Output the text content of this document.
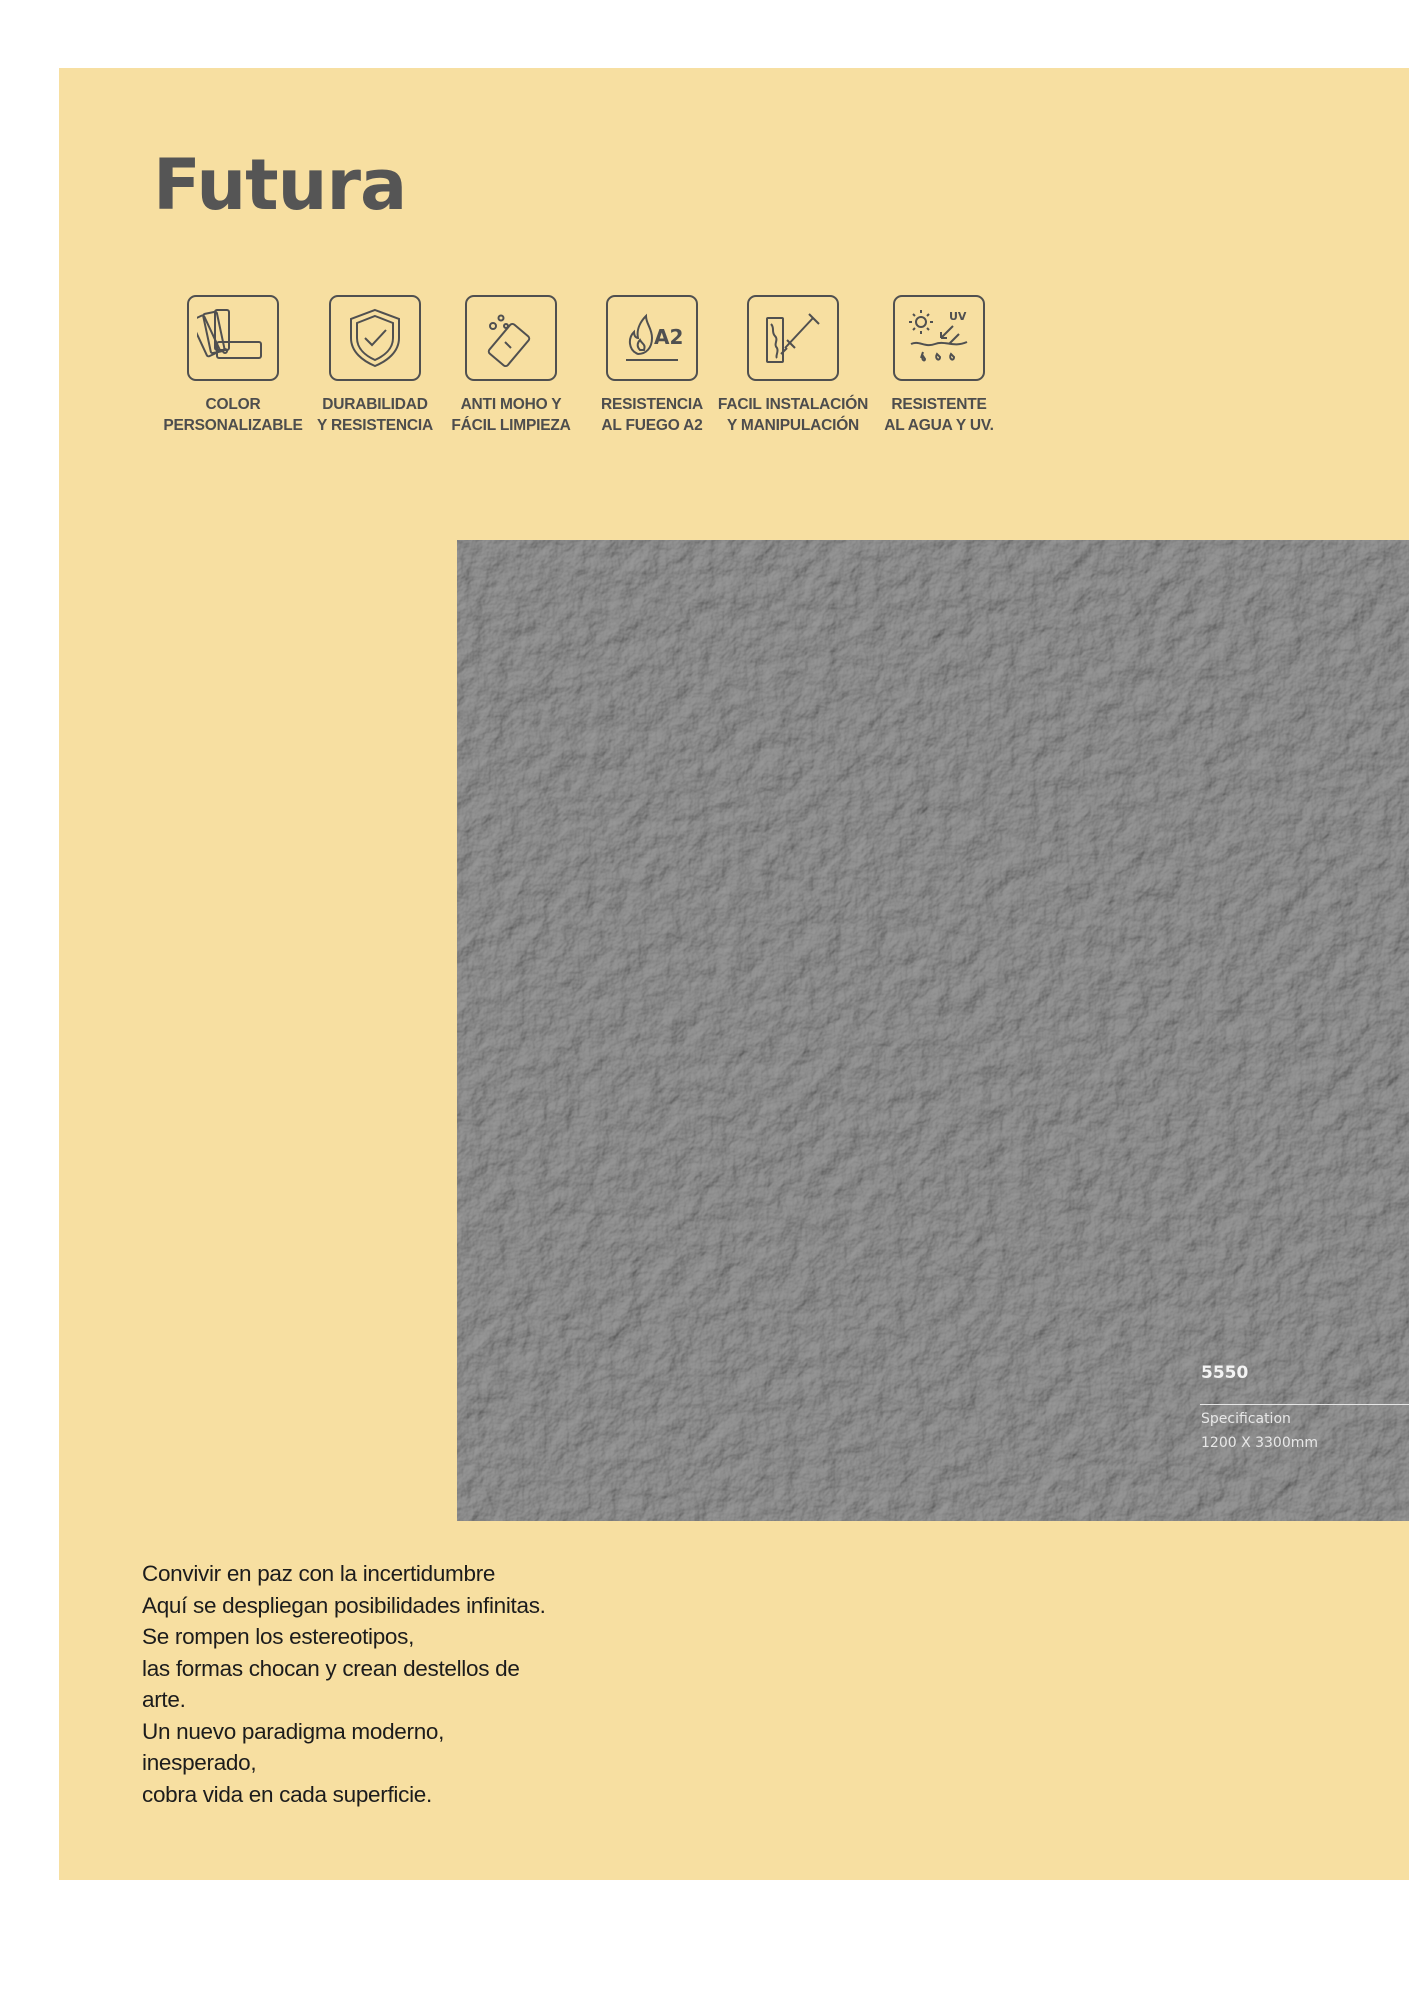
Futura
COLOR
PERSONALIZABLE
DURABILIDAD
Y RESISTENCIA
ANTI MOHO Y
FÁCIL LIMPIEZA
A2
RESISTENCIA
AL FUEGO A2
FACIL INSTALACIÓN
Y MANIPULACIÓN
UV
RESISTENTE
AL AGUA Y UV.
5550
Specification
1200 X 3300mm

Convivir en paz con la incertidumbre
Aquí se despliegan posibilidades infinitas.
Se rompen los estereotipos,
las formas chocan y crean destellos de
arte.
Un nuevo paradigma moderno,
inesperado,
cobra vida en cada superficie.
